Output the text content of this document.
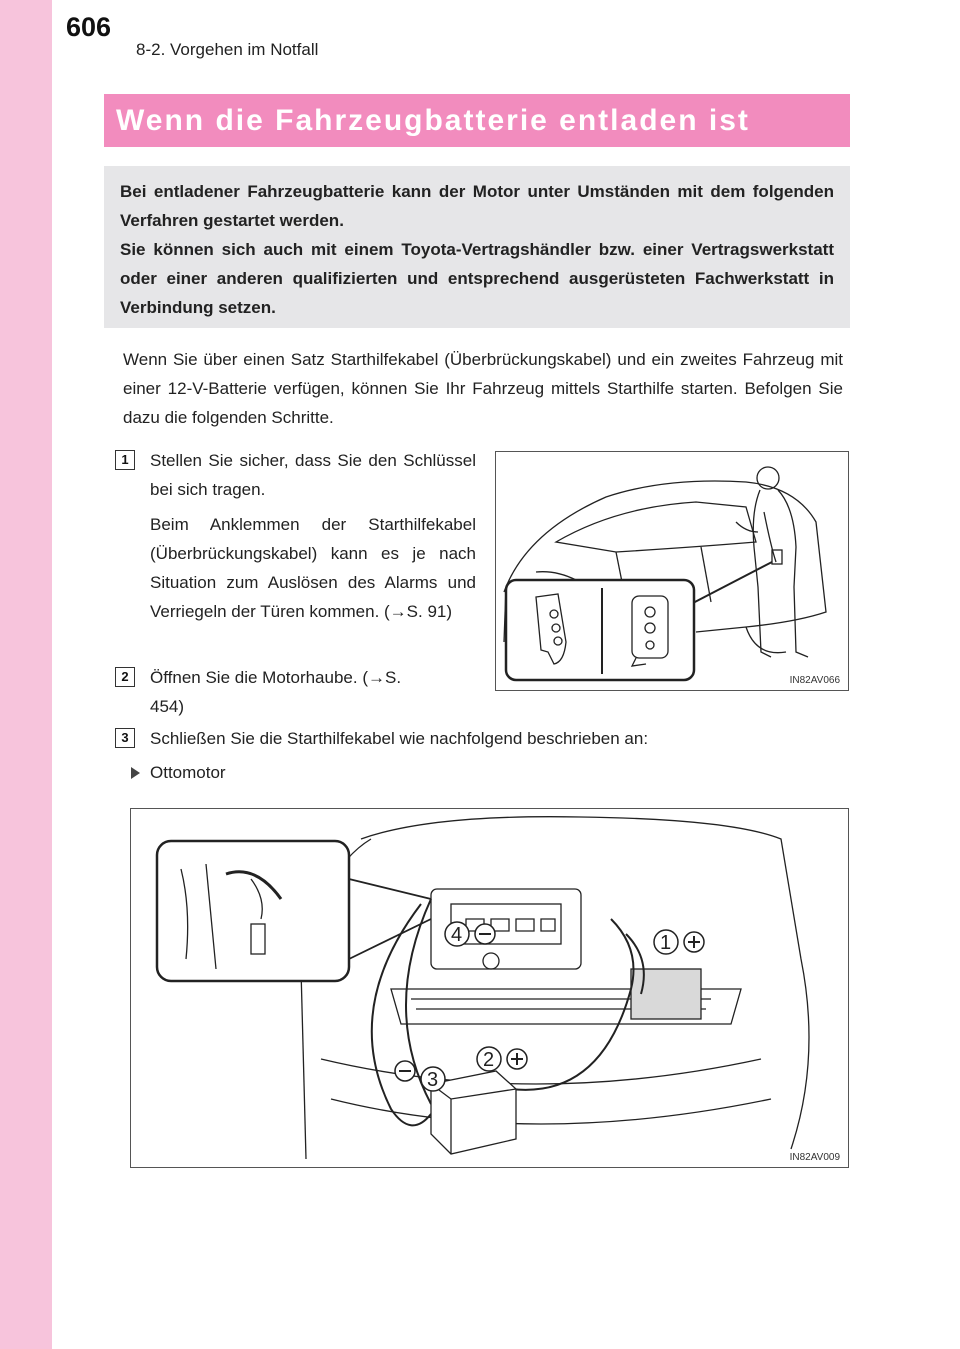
606
8-2. Vorgehen im Notfall
Wenn die Fahrzeugbatterie entladen ist

Bei entladener Fahrzeugbatterie kann der Motor unter Umständen mit dem folgenden Verfahren gestartet werden.

Sie können sich auch mit einem Toyota-Vertragshändler bzw. einer Vertragswerkstatt oder einer anderen qualifizierten und entsprechend ausgerüsteten Fachwerkstatt in Verbindung setzen.

Wenn Sie über einen Satz Starthilfekabel (Überbrückungskabel) und ein zweites Fahrzeug mit einer 12-V-Batterie verfügen, können Sie Ihr Fahrzeug mittels Starthilfe starten. Befolgen Sie dazu die folgenden Schritte.

1	Stellen Sie sicher, dass Sie den Schlüssel bei sich tragen.
Beim Anklemmen der Starthilfekabel (Überbrückungskabel) kann es je nach Situation zum Auslösen des Alarms und Verriegeln der Türen kommen. (→S. 91)
2	Öffnen Sie die Motorhaube. (→S. 454)
3	Schließen Sie die Starthilfekabel wie nachfolgend beschrieben an:
Ottomotor
IN82AV066
4	1
2
3
IN82AV009
